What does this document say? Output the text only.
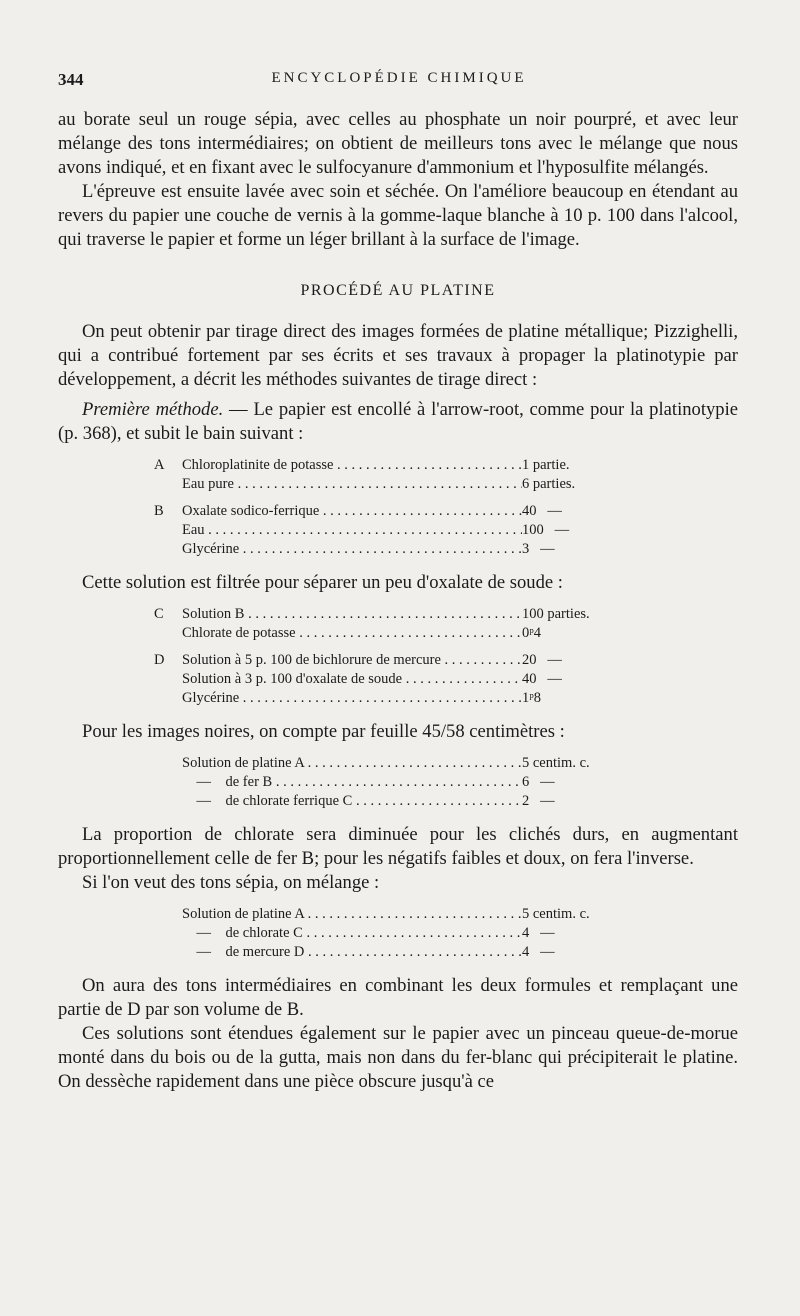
344	ENCYCLOPÉDIE CHIMIQUE

au borate seul un rouge sépia, avec celles au phosphate un noir pourpré, et avec leur mélange des tons intermédiaires; on obtient de meilleurs tons avec le mélange que nous avons indiqué, et en fixant avec le sulfocyanure d'ammonium et l'hyposulfite mélangés.

L'épreuve est ensuite lavée avec soin et séchée. On l'améliore beaucoup en étendant au revers du papier une couche de vernis à la gomme-laque blanche à 10 p. 100 dans l'alcool, qui traverse le papier et forme un léger brillant à la surface de l'image.

PROCÉDÉ AU PLATINE

On peut obtenir par tirage direct des images formées de platine métallique; Pizzighelli, qui a contribué fortement par ses écrits et ses travaux à propager la platinotypie par développement, a décrit les méthodes suivantes de tirage direct :

Première méthode. — Le papier est encollé à l'arrow-root, comme pour la platinotypie (p. 368), et subit le bain suivant :

A	Chloroplatinite de potasse . . .	1 partie.
	Eau pure . . .	6 parties.

B	Oxalate sodico-ferrique . . .	40   —
	Eau . . .	100   —
	Glycérine . . .	3   —

Cette solution est filtrée pour séparer un peu d'oxalate de soude :

C	Solution B . . .	100 parties.
	Chlorate de potasse . . .	0ᵖ4

D	Solution à 5 p. 100 de bichlorure de mercure . . .	20   —
	Solution à 3 p. 100 d'oxalate de soude . . .	40   —
	Glycérine . . .	1ᵖ8

Pour les images noires, on compte par feuille 45/58 centimètres :

Solution de platine A . . .	5 centim. c.
—    de fer B . . .	6   —
—    de chlorate ferrique C . . .	2   —

La proportion de chlorate sera diminuée pour les clichés durs, en augmentant proportionnellement celle de fer B; pour les négatifs faibles et doux, on fera l'inverse.

Si l'on veut des tons sépia, on mélange :

Solution de platine A . . .	5 centim. c.
—    de chlorate C . . .	4   —
—    de mercure D . . .	4   —

On aura des tons intermédiaires en combinant les deux formules et remplaçant une partie de D par son volume de B.

Ces solutions sont étendues également sur le papier avec un pinceau queue-de-morue monté dans du bois ou de la gutta, mais non dans du fer-blanc qui précipiterait le platine. On dessèche rapidement dans une pièce obscure jusqu'à ce
